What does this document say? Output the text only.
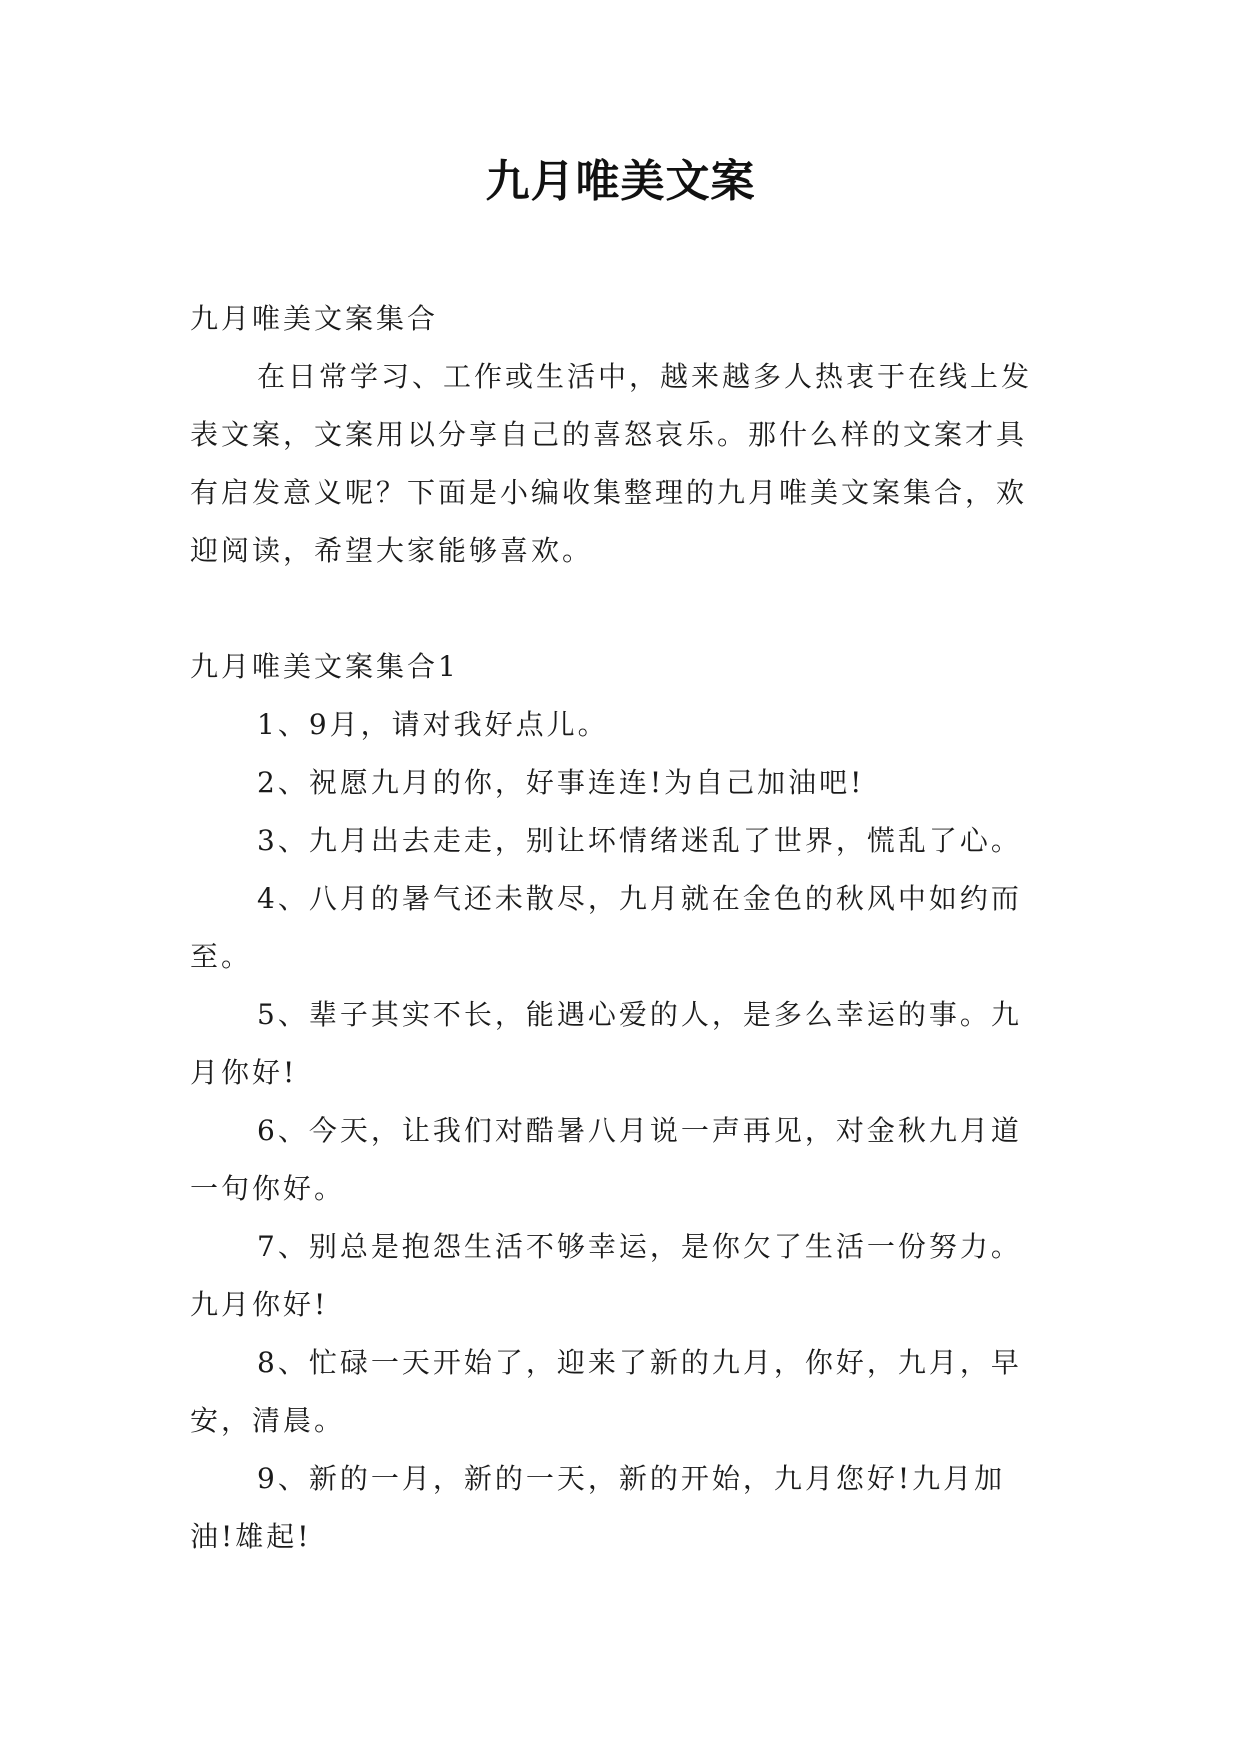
九月唯美文案

九月唯美文案集合

在日常学习、工作或生活中，越来越多人热衷于在线上发表文案，文案用以分享自己的喜怒哀乐。那什么样的文案才具有启发意义呢？下面是小编收集整理的九月唯美文案集合，欢迎阅读，希望大家能够喜欢。

九月唯美文案集合1

1、9月，请对我好点儿。

2、祝愿九月的你，好事连连!为自己加油吧!

3、九月出去走走，别让坏情绪迷乱了世界，慌乱了心。

4、八月的暑气还未散尽，九月就在金色的秋风中如约而至。

5、辈子其实不长，能遇心爱的人，是多么幸运的事。九月你好!

6、今天，让我们对酷暑八月说一声再见，对金秋九月道一句你好。

7、别总是抱怨生活不够幸运，是你欠了生活一份努力。九月你好!

8、忙碌一天开始了，迎来了新的九月，你好，九月，早安，清晨。

9、新的一月，新的一天，新的开始，九月您好!九月加油!雄起!
